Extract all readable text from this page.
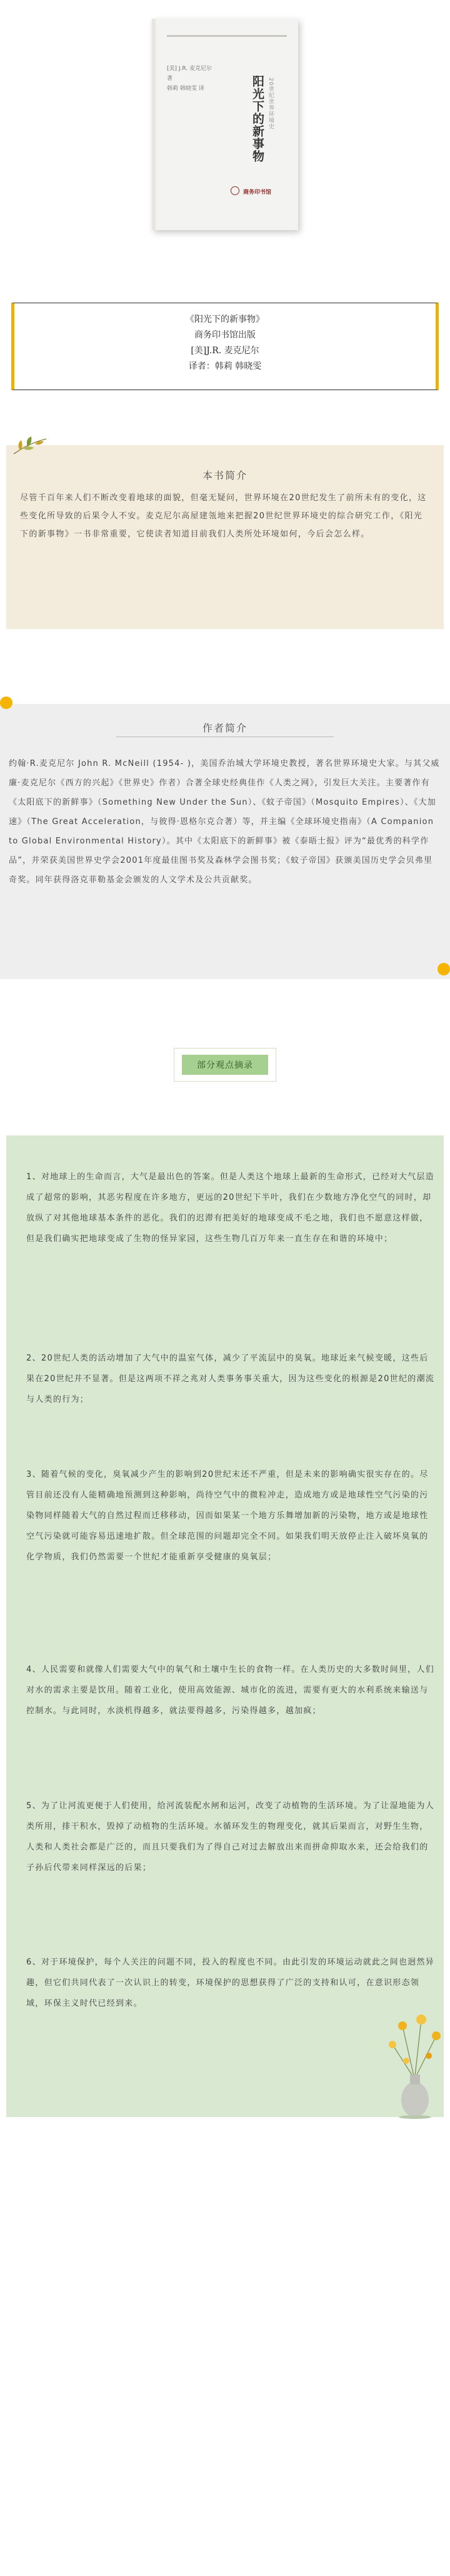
[美] J.R. 麦克尼尔 著
韩莉 韩晓雯 译	阳光下的新事物 20世纪世界环境史
商务印书馆
《阳光下的新事物》
商务印书馆出版
[美]J.R. 麦克尼尔
译者：韩莉 韩晓雯
本书简介
尽管千百年来人们不断改变着地球的面貌，但毫无疑问，世界环境在20世纪发生了前所未有的变化，这些变化所导致的后果令人不安。麦克尼尔高屋建瓴地来把握20世纪世界环境史的综合研究工作，《阳光下的新事物》一书非常重要，它使读者知道目前我们人类所处环境如何，今后会怎么样。
作者简介
约翰·R.麦克尼尔 John R. McNeill (1954- )，美国乔治城大学环境史教授，著名世界环境史大家。与其父威廉·麦克尼尔《西方的兴起》《世界史》作者）合著全球史经典佳作《人类之网》，引发巨大关注。主要著作有《太阳底下的新鲜事》（Something New Under the Sun）、《蚊子帝国》（Mosquito Empires）、《大加速》（The Great Acceleration，与彼得·恩格尔克合著）等，并主编《全球环境史指南》（A Companion to Global Environmental History）。其中《太阳底下的新鲜事》被《泰晤士报》评为“最优秀的科学作品”，并荣获美国世界史学会2001年度最佳图书奖及森林学会图书奖；《蚊子帝国》获颁美国历史学会贝弗里奇奖。同年获得洛克菲勒基金会颁发的人文学术及公共贡献奖。
部分观点摘录
1、对地球上的生命而言，大气是最出色的答案。但是人类这个地球上最新的生命形式，已经对大气层造成了超常的影响，其恶劣程度在许多地方，更远的20世纪下半叶，我们在少数地方净化空气的同时，却放纵了对其他地球基本条件的恶化。我们的迟滞有把美好的地球变成不毛之地，我们也不愿意这样做，但是我们确实把地球变成了生物的怪异家园，这些生物几百万年来一直生存在和谐的环境中；
2、20世纪人类的活动增加了大气中的温室气体，减少了平流层中的臭氧。地球近来气候变暖，这些后果在20世纪并不显著。但是这两项不祥之兆对人类事务事关重大，因为这些变化的根源是20世纪的潮流与人类的行为；
3、随着气候的变化，臭氧减少产生的影响到20世纪末还不严重，但是未来的影响确实很实存在的。尽管目前还没有人能精确地预测到这种影响，尚待空气中的微粒冲走，造成地方或是地球性空气污染的污染物同样随着大气的自然过程而迁移移动，因而如果某一个地方乐舞增加新的污染物，地方或是地球性空气污染就可能容易迅速地扩散。但全球范围的问题却完全不同。如果我们明天放停止注入破坏臭氧的化学物质，我们仍然需要一个世纪才能重新享受健康的臭氧层；
4、人民需要和就像人们需要大气中的氧气和土壤中生长的食物一样。在人类历史的大多数时间里，人们对水的需求主要是饮用。随着工业化，使用高效能源、城市化的流进，需要有更大的水利系统来输送与控制水。与此同时，水淡机得越多，就法要得越多，污染得越多，越加疯；
5、为了让河流更便于人们使用，给河流装配水闸和运河，改变了动植物的生活环境。为了让湿地能为人类所用，排干积水，毁掉了动植物的生活环境。水循环发生的物理变化，就其后果而言，对野生生物，人类和人类社会都是广泛的，而且只要我们为了得自己对过去解放出来而拼命抑取水来，还会给我们的子孙后代带来同样深远的后果；
6、对于环境保护，每个人关注的问题不同，投入的程度也不同。由此引发的环境运动就此之间也迥然异趣，但它们共同代表了一次认识上的转变，环境保护的思想获得了广泛的支持和认可，在意识形态领域，环保主义时代已经到来。
